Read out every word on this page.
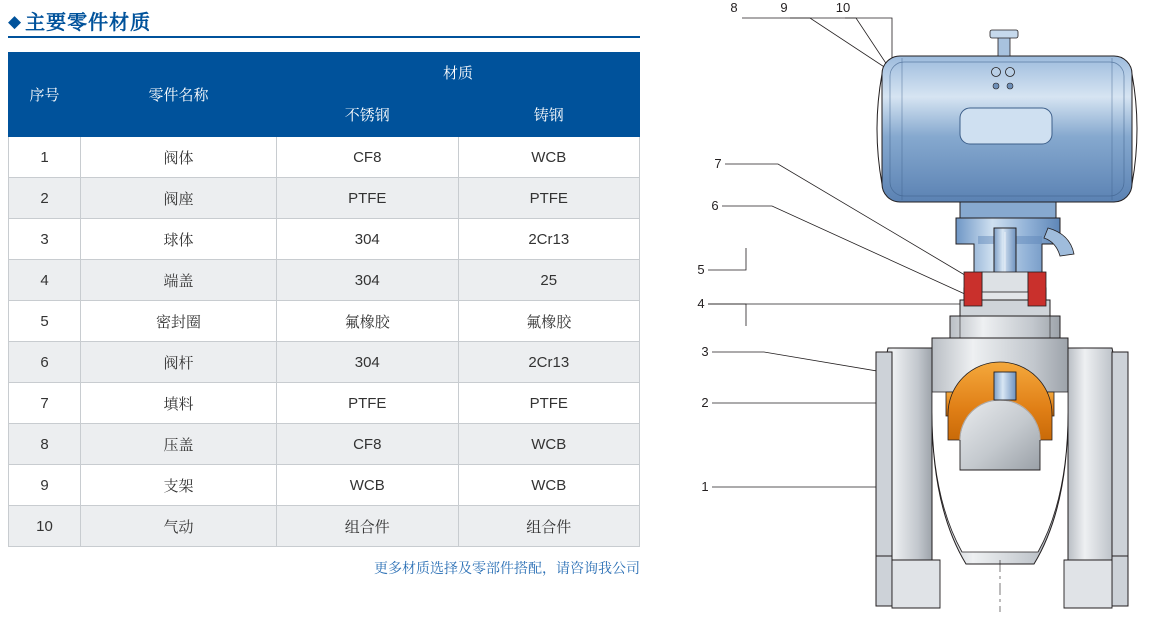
◆ 主要零件材质
序号	零件名称	材质	
		不锈钢	铸钢
1	阀体	CF8	WCB
2	阀座	PTFE	PTFE
3	球体	304	2Cr13
4	端盖	304	25
5	密封圈	氟橡胶	氟橡胶
6	阀杆	304	2Cr13
7	填料	PTFE	PTFE
8	压盖	CF8	WCB
9	支架	WCB	WCB
10	气动	组合件	组合件
更多材质选择及零部件搭配，请咨询我公司
8	9	10
7
6
5
4
3
2
1
